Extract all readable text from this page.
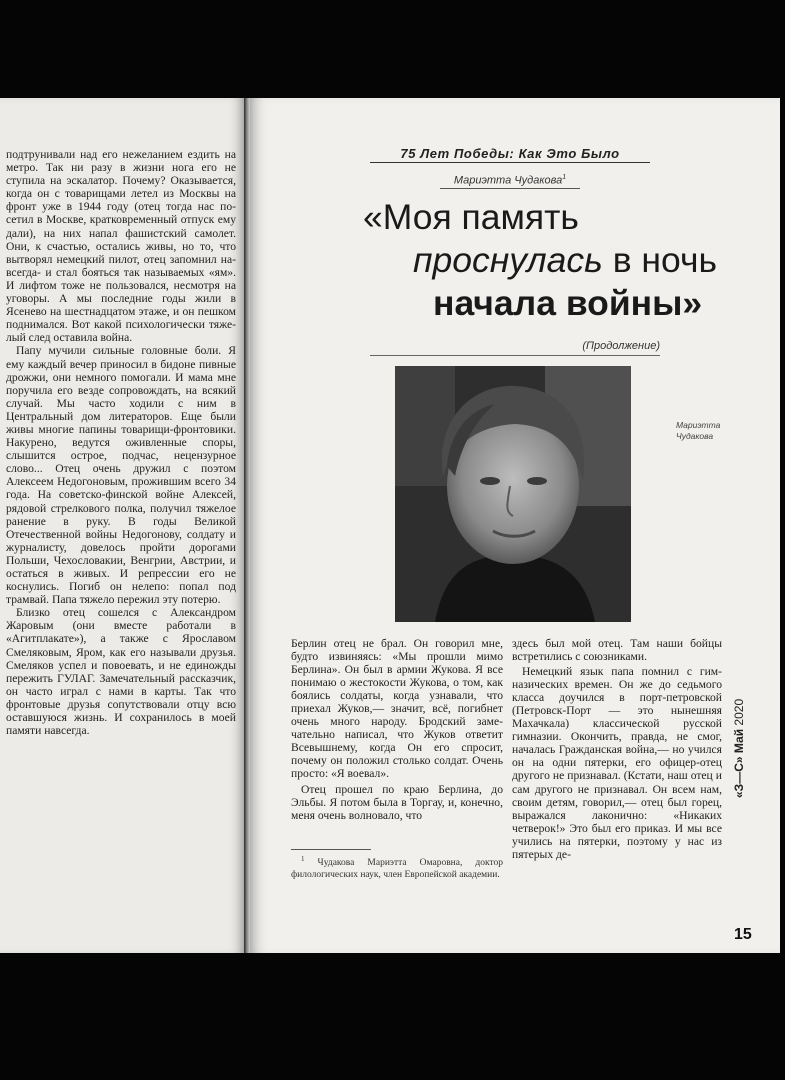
подтрунивали над его нежеланием ездить на метро. Так ни разу в жизни нога его не ступила на эскалатор. Почему? Оказывается, когда он с товарищами летел из Москвы на фронт уже в 1944 году (отец тогда нас посетил в Москве, кратковременный отпуск ему дали), на них напал фашистский самолет. Они, к счастью, остались живы, но то, что вытворял немецкий пилот, отец запомнил навсегда- и стал бояться так называемых «ям». И лифтом тоже не пользовался, несмотря на уговоры. А мы последние годы жили в Ясенево на шестнадцатом этаже, и он пешком поднимался. Вот какой психологически тяжелый след оставила война.

Папу мучили сильные головные боли. Я ему каждый вечер приносил в бидоне пивные дрожжи, они немного помогали. И мама мне поручила его везде сопровождать, на всякий случай. Мы часто ходили с ним в Центральный дом литераторов. Еще были живы многие папины товарищи-фронтовики. Накурено, ведутся оживленные споры, слышится острое, подчас, нецензурное слово... Отец очень дружил с поэтом Алексеем Недогоновым, прожившим всего 34 года. На советско-финской войне Алексей, рядовой стрелкового полка, получил тяжелое ранение в руку. В годы Великой Отечественной войны Недогонову, солдату и журналисту, довелось пройти дорогами Польши, Чехословакии, Венгрии, Австрии, и остаться в живых. И репрессии его не коснулись. Погиб он нелепо: попал под трамвай. Папа тяжело пережил эту потерю.

Близко отец сошелся с Александром Жаровым (они вместе работали в «Агитплакате»), а также с Ярославом Смеляковым, Яром, как его называли друзья. Смеляков успел и повоевать, и не единожды пережить ГУЛАГ. Замечательный рассказчик, он часто играл с нами в карты. Так что фронтовые друзья сопутствовали отцу всю оставшуюся жизнь. И сохранилось в моей памяти навсегда.

75 Лет Победы: Как Это Было
Мариэтта Чудакова$^1$
«Моя память
проснулась в ночь
начала войны»
(Продолжение)
Мариэтта Чудакова

Берлин отец не брал. Он говорил мне, будто извиняясь: «Мы прошли мимо Берлина». Он был в армии Жукова. Я все понимаю о жестокости Жукова, о том, как боялись солдаты, когда узнавали, что приехал Жуков,— значит, всё, погибнет очень много народу. Бродский замечательно написал, что Жуков ответит Всевышнему, когда Он его спросит, почему он положил столько солдат. Очень просто: «Я воевал».

Отец прошел по краю Берлина, до Эльбы. Я потом была в Торгау, и, конечно, меня очень волновало, что

$^1$ Чудакова Мариэтта Омаровна, доктор филологических наук, член Европейской академии.

здесь был мой отец. Там наши бойцы встретились с союзниками.

Немецкий язык папа помнил с гимназических времен. Он же до седьмого класса доучился в порт-петровской (Петровск-Порт — это нынешняя Махачкала) классической русской гимназии. Окончить, правда, не смог, началась Гражданская война,— но учился он на одни пятерки, его офицер-отец другого не признавал. (Кстати, наш отец и сам другого не признавал. Он всем нам, своим детям, говорил,— отец был горец, выражался лаконично: «Никаких четверок!» Это был его приказ. И мы все учились на пятерки, поэтому у нас из пятерых де-

«З—С» Май 2020
15
